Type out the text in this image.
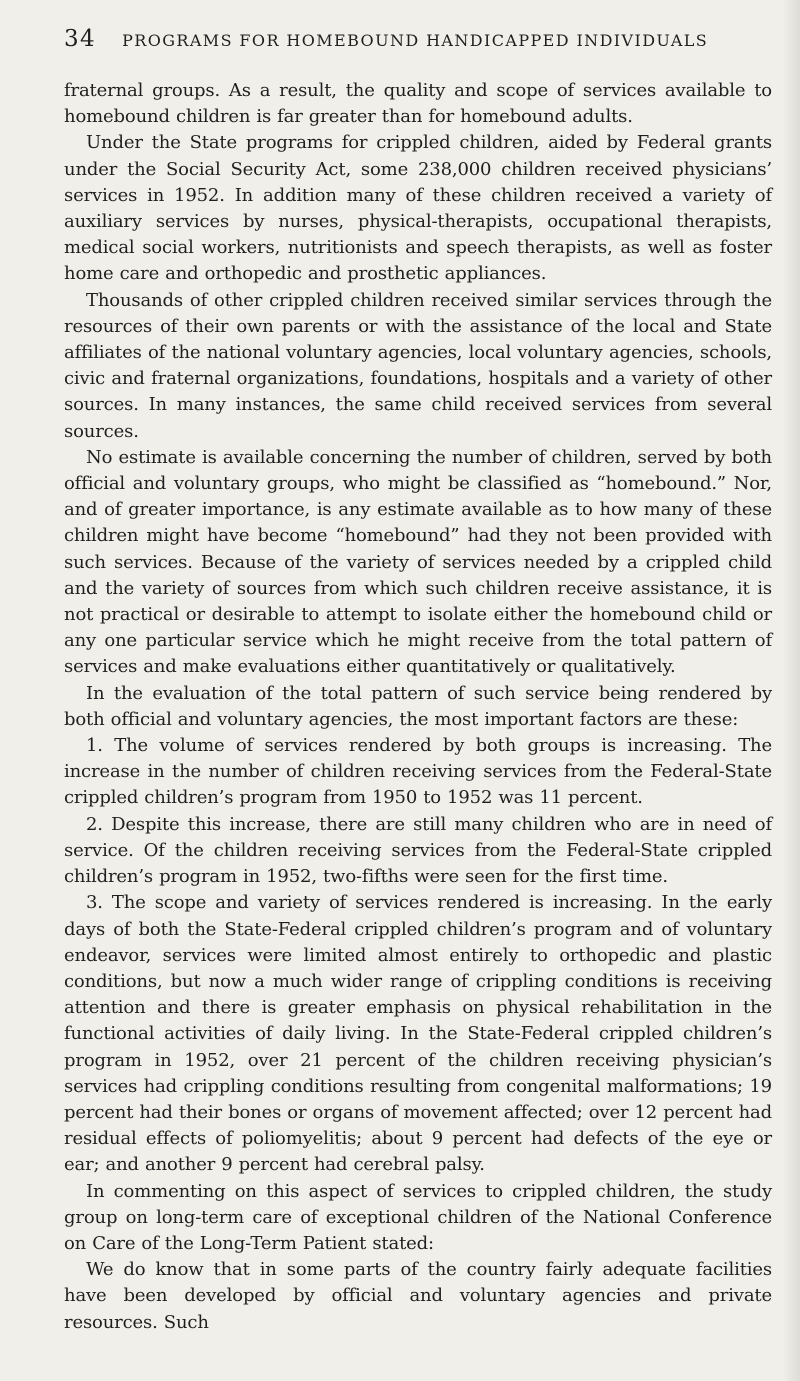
34 PROGRAMS FOR HOMEBOUND HANDICAPPED INDIVIDUALS

fraternal groups. As a result, the quality and scope of services available to homebound children is far greater than for homebound adults.

Under the State programs for crippled children, aided by Federal grants under the Social Security Act, some 238,000 children received physicians’ services in 1952. In addition many of these children received a variety of auxiliary services by nurses, physical-therapists, occupational therapists, medical social workers, nutritionists and speech therapists, as well as foster home care and orthopedic and prosthetic appliances.

Thousands of other crippled children received similar services through the resources of their own parents or with the assistance of the local and State affiliates of the national voluntary agencies, local voluntary agencies, schools, civic and fraternal organizations, foundations, hospitals and a variety of other sources. In many instances, the same child received services from several sources.

No estimate is available concerning the number of children, served by both official and voluntary groups, who might be classified as “homebound.” Nor, and of greater importance, is any estimate available as to how many of these children might have become “homebound” had they not been provided with such services. Because of the variety of services needed by a crippled child and the variety of sources from which such children receive assistance, it is not practical or desirable to attempt to isolate either the homebound child or any one particular service which he might receive from the total pattern of services and make evaluations either quantitatively or qualitatively.

In the evaluation of the total pattern of such service being rendered by both official and voluntary agencies, the most important factors are these:

1. The volume of services rendered by both groups is increasing. The increase in the number of children receiving services from the Federal-State crippled children’s program from 1950 to 1952 was 11 percent.

2. Despite this increase, there are still many children who are in need of service. Of the children receiving services from the Federal-State crippled children’s program in 1952, two-fifths were seen for the first time.

3. The scope and variety of services rendered is increasing. In the early days of both the State-Federal crippled children’s program and of voluntary endeavor, services were limited almost entirely to orthopedic and plastic conditions, but now a much wider range of crippling conditions is receiving attention and there is greater emphasis on physical rehabilitation in the functional activities of daily living. In the State-Federal crippled children’s program in 1952, over 21 percent of the children receiving physician’s services had crippling conditions resulting from congenital malformations; 19 percent had their bones or organs of movement affected; over 12 percent had residual effects of poliomyelitis; about 9 percent had defects of the eye or ear; and another 9 percent had cerebral palsy.

In commenting on this aspect of services to crippled children, the study group on long-term care of exceptional children of the National Conference on Care of the Long-Term Patient stated:

We do know that in some parts of the country fairly adequate facilities have been developed by official and voluntary agencies and private resources. Such
